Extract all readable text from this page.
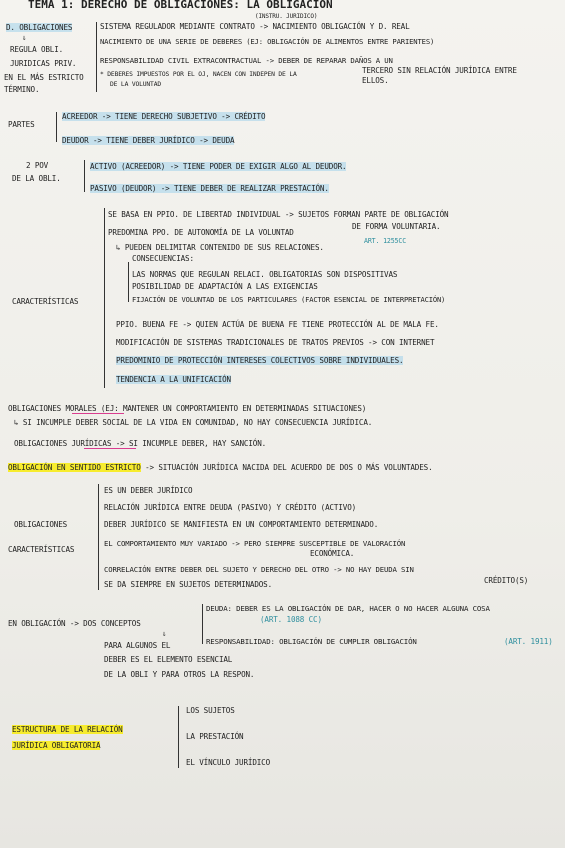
TEMA 1: DERECHO DE OBLIGACIONES: LA OBLIGACION
(INSTRU. JURIDICO)
D. OBLIGACIONES
⇓
REGULA OBLI.
JURIDICAS PRIV.
EN EL MÁS ESTRICTO
TÉRMINO.
SISTEMA REGULADOR MEDIANTE CONTRATO -> NACIMIENTO OBLIGACIÓN Y D. REAL
NACIMIENTO DE UNA SERIE DE DEBERES (EJ: OBLIGACIÓN DE ALIMENTOS ENTRE PARIENTES)
RESPONSABILIDAD CIVIL EXTRACONTRACTUAL -> DEBER DE REPARAR DAÑOS A UN
TERCERO SIN RELACIÓN JURÍDICA ENTRE
ELLOS.
* DEBERES IMPUESTOS POR EL OJ, NACEN CON INDEPEN DE LA
DE LA VOLUNTAD
PARTES
ACREEDOR -> TIENE DERECHO SUBJETIVO -> CRÉDITO
DEUDOR -> TIENE DEBER JURÍDICO -> DEUDA
2 POV
DE LA OBLI.
ACTIVO (ACREEDOR) -> TIENE PODER DE EXIGIR ALGO AL DEUDOR.
PASIVO (DEUDOR) -> TIENE DEBER DE REALIZAR PRESTACIÓN.
CARACTERÍSTICAS
SE BASA EN PPIO. DE LIBERTAD INDIVIDUAL -> SUJETOS FORMAN PARTE DE OBLIGACIÓN
DE FORMA VOLUNTARIA.
PREDOMINA PPO. DE AUTONOMÍA DE LA VOLUNTAD
ART. 1255CC
↳ PUEDEN DELIMITAR CONTENIDO DE SUS RELACIONES.
CONSECUENCIAS:
LAS NORMAS QUE REGULAN RELACI. OBLIGATORIAS SON DISPOSITIVAS
POSIBILIDAD DE ADAPTACIÓN A LAS EXIGENCIAS
FIJACIÓN DE VOLUNTAD DE LOS PARTICULARES (FACTOR ESENCIAL DE INTERPRETACIÓN)
PPIO. BUENA FE -> QUIEN ACTÚA DE BUENA FE TIENE PROTECCIÓN AL DE MALA FE.
MODIFICACIÓN DE SISTEMAS TRADICIONALES DE TRATOS PREVIOS -> CON INTERNET
PREDOMINIO DE PROTECCIÓN INTERESES COLECTIVOS SOBRE INDIVIDUALES.
TENDENCIA A LA UNIFICACIÓN
OBLIGACIONES MORALES (EJ: MANTENER UN COMPORTAMIENTO EN DETERMINADAS SITUACIONES)
↳ SI INCUMPLE DEBER SOCIAL DE LA VIDA EN COMUNIDAD, NO HAY CONSECUENCIA JURÍDICA.
OBLIGACIONES JURÍDICAS -> SI INCUMPLE DEBER, HAY SANCIÓN.
OBLIGACIÓN EN SENTIDO ESTRICTO -> SITUACIÓN JURÍDICA NACIDA DEL ACUERDO DE DOS O MÁS VOLUNTADES.
OBLIGACIONES
CARACTERÍSTICAS
ES UN DEBER JURÍDICO
RELACIÓN JURÍDICA ENTRE DEUDA (PASIVO) Y CRÉDITO (ACTIVO)
DEBER JURÍDICO SE MANIFIESTA EN UN COMPORTAMIENTO DETERMINADO.
EL COMPORTAMIENTO MUY VARIADO -> PERO SIEMPRE SUSCEPTIBLE DE VALORACIÓN
ECONÓMICA.
CORRELACIÓN ENTRE DEBER DEL SUJETO Y DERECHO DEL OTRO -> NO HAY DEUDA SIN
CRÉDITO(S)
SE DA SIEMPRE EN SUJETOS DETERMINADOS.
EN OBLIGACIÓN -> DOS CONCEPTOS
DEUDA: DEBER ES LA OBLIGACIÓN DE DAR, HACER O NO HACER ALGUNA COSA
(ART. 1088 CC)
RESPONSABILIDAD: OBLIGACIÓN DE CUMPLIR OBLIGACIÓN	(ART. 1911)
⇓
PARA ALGUNOS EL
DEBER ES EL ELEMENTO ESENCIAL
DE LA OBLI Y PARA OTROS LA RESPON.
ESTRUCTURA DE LA RELACIÓN
JURÍDICA OBLIGATORIA
LOS SUJETOS
LA PRESTACIÓN
EL VÍNCULO JURÍDICO
